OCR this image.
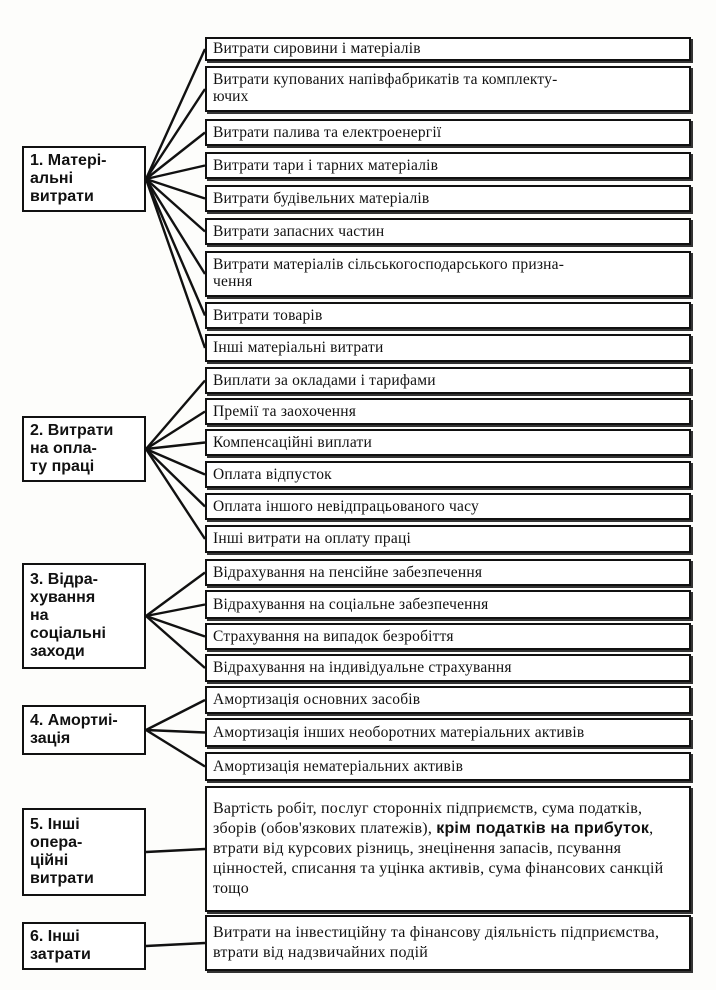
1. Матері-
альні
витрати
Витрати сировини і матеріалів
Витрати купованих напівфабрикатів та комплекту-
ючих
Витрати палива та електроенергії
Витрати тари і тарних матеріалів
Витрати будівельних матеріалів
Витрати запасних частин
Витрати матеріалів сільськогосподарського призна-
чення
Витрати товарів
Інші матеріальні витрати
2. Витрати
на опла-
ту праці
Виплати за окладами і тарифами
Премії та заохочення
Компенсаційні виплати
Оплата відпусток
Оплата іншого невідпрацьованого часу
Інші витрати на оплату праці
3. Відра-
хування
на
соціальні
заходи
Відрахування на пенсійне забезпечення
Відрахування на соціальне забезпечення
Страхування на випадок безробіття
Відрахування на індивідуальне страхування
4. Амортиі-
зація
Амортизація основних засобів
Амортизація інших необоротних матеріальних активів
Амортизація нематеріальних активів
5. Інші
опера-
ційні
витрати
Вартість робіт, послуг сторонніх підприємств, сума податків, зборів (обов'язкових платежів), крім податків на прибуток, втрати від курсових різниць, знецінення запасів, псування цінностей, списання та уцінка активів, сума фінансових санкцій тощо
6. Інші
затрати
Витрати на інвестиційну та фінансову діяльність підприємства, втрати від надзвичайних подій
